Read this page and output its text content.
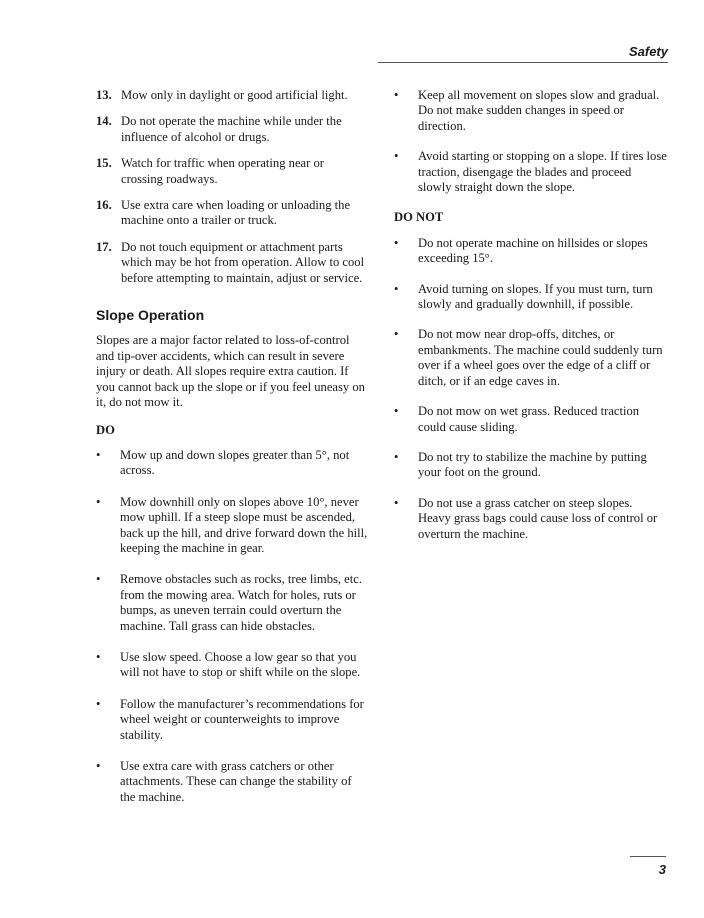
Safety
13. Mow only in daylight or good artificial light.
14. Do not operate the machine while under the influence of alcohol or drugs.
15. Watch for traffic when operating near or crossing roadways.
16. Use extra care when loading or unloading the machine onto a trailer or truck.
17. Do not touch equipment or attachment parts which may be hot from operation. Allow to cool before attempting to maintain, adjust or service.
Slope Operation

Slopes are a major factor related to loss-of-control and tip-over accidents, which can result in severe injury or death. All slopes require extra caution. If you cannot back up the slope or if you feel uneasy on it, do not mow it.

DO
• Mow up and down slopes greater than 5°, not across.
• Mow downhill only on slopes above 10°, never mow uphill. If a steep slope must be ascended, back up the hill, and drive forward down the hill, keeping the machine in gear.
• Remove obstacles such as rocks, tree limbs, etc. from the mowing area. Watch for holes, ruts or bumps, as uneven terrain could overturn the machine. Tall grass can hide obstacles.
• Use slow speed. Choose a low gear so that you will not have to stop or shift while on the slope.
• Follow the manufacturer’s recommendations for wheel weight or counterweights to improve stability.
• Use extra care with grass catchers or other attachments. These can change the stability of the machine.
• Keep all movement on slopes slow and gradual. Do not make sudden changes in speed or direction.
• Avoid starting or stopping on a slope. If tires lose traction, disengage the blades and proceed slowly straight down the slope.
DO NOT
• Do not operate machine on hillsides or slopes exceeding 15°.
• Avoid turning on slopes. If you must turn, turn slowly and gradually downhill, if possible.
• Do not mow near drop-offs, ditches, or embankments. The machine could suddenly turn over if a wheel goes over the edge of a cliff or ditch, or if an edge caves in.
• Do not mow on wet grass. Reduced traction could cause sliding.
• Do not try to stabilize the machine by putting your foot on the ground.
• Do not use a grass catcher on steep slopes. Heavy grass bags could cause loss of control or overturn the machine.
3
